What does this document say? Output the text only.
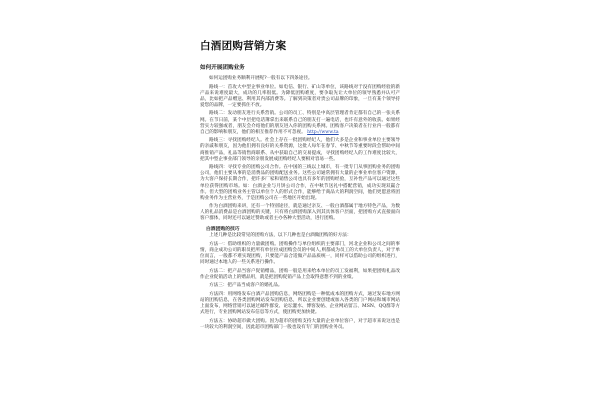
白酒团购营销方案
如何开展团购业务

如何运团购业务顺利开展呢?一般有以下四条途径。

路线一：首攻大中型企事业单位。如电信、银行、矿山等单位，该路线对于没有团购经验的新产品来说难度最大，成功的几率很低。为降低团购难度，要争取先让大单位的领导熟悉并认可产品，比如把产品赠送、利用其内部消费等。了解到决策者对贵公司品牌的印象，一旦有某个领导持爱您的品牌，一定要抓住不放。

路线二：发动朋友进行关系营销。公司的员工、特别是中高层管理者肯定都有自己的一张关系网。在节日前，某个中层把电话簿拿出来联系自己的朋友打一遍电话，也许有意外的收获。如果经营实力较强或者，朋友会介绍他们的朋友进入你的团购关系网。团购客户决策者在行业内一般都有自己的影响和朋友，他们的相互推荐作用不可忽视。 http://www.ta

路线三：寻找团购经纪人。社会上存在一批团购经纪人，他们大多是企业和事业单位主要领导的亲戚和朋友，因为他们拥有良好的关系资源，这批人每年在春节、中秋节等重要时段会帮助中间商推销产品，礼品等销售商联系、从中获取自己的交易提成，寻找团购经纪人的工作难度比较大，把其中型企事业部门领导的亲朋发展成团购经纪人要相对容易一些。

路线四：寻找专业的团购公司合作。在中国的三线以上城市，有一批专门从事团购业务的团购公司，他们主要从事的是消费品的团购配送业务。这些公司通常拥有大量的企事业单位客户资源，为大客户保持长期合作，把许多厂家和销售公司也具有多年的团购经验，互补性产品可以通过这些单位获得团购市场。如：白酒企业与月饼公司合作，在中秋节送礼中搭配营销，成功实现双赢合作。但大型的团购业务主管以单位个人的形式合作，能够给于商品大的利润空间，他们更愿意将团购业务作为主营业务，于是团购公司在一些地区开始出现。

作为白酒团购来讲，还有一个特别途径，就是通过亲友、一般白酒都属于地方特色产品，为数人的礼品消费品是白酒团购的关键，只有将白酒团购深入到其具体客户层面，把团购方式直接面向客户群体，同时还可以通过赞助或者主办各种大型活动，进行团购。

白酒团购的技巧

上述几种是比较常见的团购方法，以下几种也是白酒做团购的好方法：

方法一：借助组织的力量做团购。团购操作与单位组织的主要部门，河北企业和公司之间的事情，商企成功公司的职员把所有单位拉成团购会员的中间人,则都成为员工的大单位负责人，对于单位而言，一般都不难实现团购，只要能产品合适做产品品质统一，同样可以借助公司的组织进行，同时通过本地人的一些关系进行操作。

方法二：把产品当客户促销赠品，团购一般是用来给本单位的员工发福利，如果把团购礼品改作企业促销活动上的赠品用，就是把团购促销产品上会取得意想不到的业绩。

方法三：把产品当成客户的婚礼品。

方法四：用网络发布白酒产品团购信息，网络团购是一种低成本的团购方式，通过发布地方网站的团购信息，在各类团购网站发布团购信息，所以企业要创建或加入各类的门户网站和城市网站上面发布，网络营销可以通过邮件群发、论坛灌水、博客发帖、企业网站留言、MSN、QQ群等方式进行，专业团购网站发布信息等方式，使团购更加快捷。

方法五：协助超市做大团购。因为超市的团购支持大量的企业单位客户，对于超市来说这也是一块较大的利润空间，因此超市团购部门一般也设有专门的团购业务员。
